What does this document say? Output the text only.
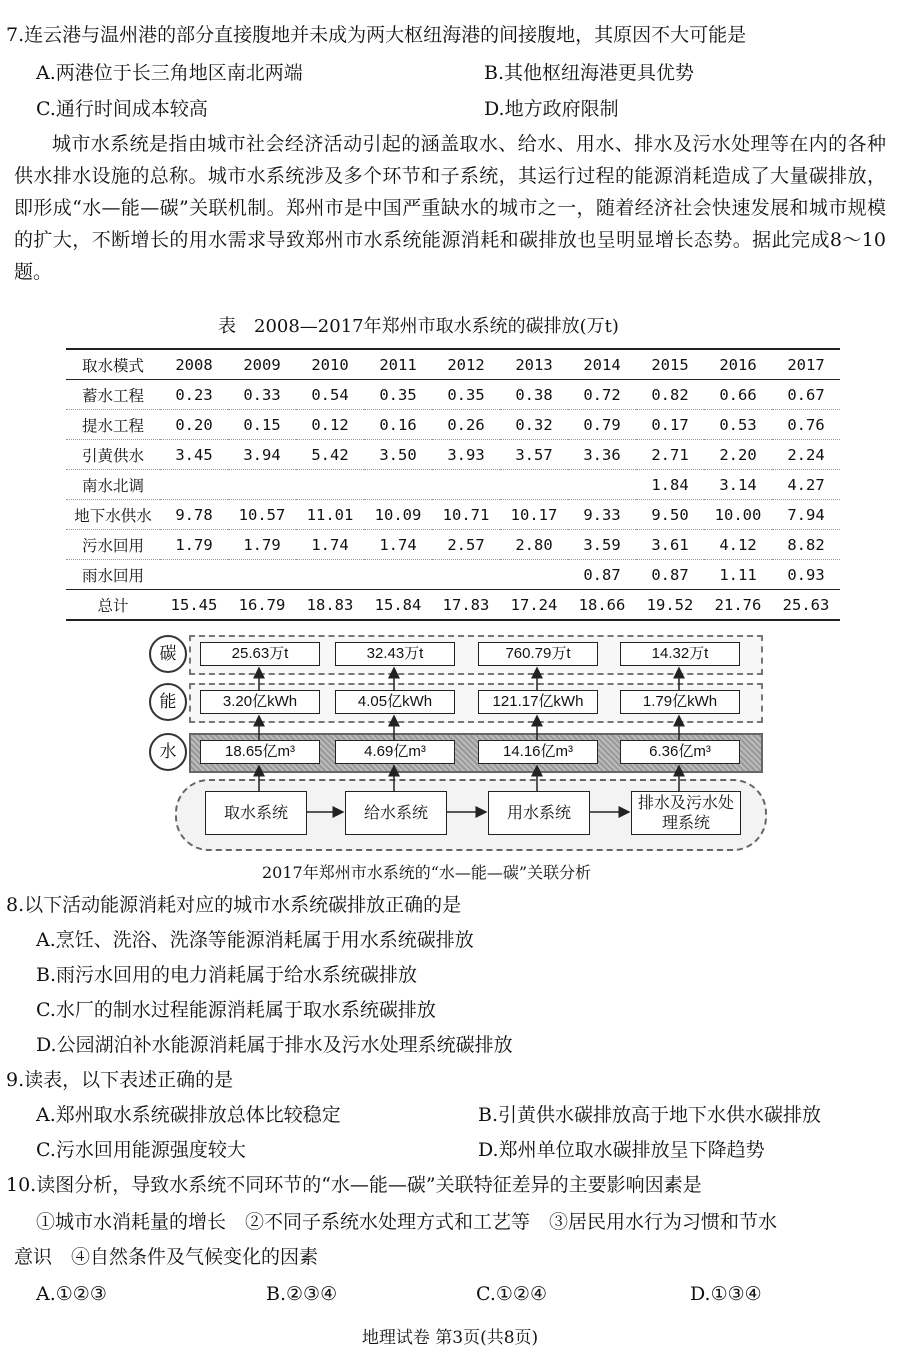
7.连云港与温州港的部分直接腹地并未成为两大枢纽海港的间接腹地，其原因不大可能是
A.两港位于长三角地区南北两端	B.其他枢纽海港更具优势
C.通行时间成本较高	D.地方政府限制
城市水系统是指由城市社会经济活动引起的涵盖取水、给水、用水、排水及污水处理等在内的各种供水排水设施的总称。城市水系统涉及多个环节和子系统，其运行过程的能源消耗造成了大量碳排放，即形成“水—能—碳”关联机制。郑州市是中国严重缺水的城市之一，随着经济社会快速发展和城市规模的扩大，不断增长的用水需求导致郑州市水系统能源消耗和碳排放也呈明显增长态势。据此完成8～10题。
表　2008—2017年郑州市取水系统的碳排放(万t)
取水模式	2008	2009	2010	2011	2012	2013	2014	2015	2016	2017
蓄水工程	0.23	0.33	0.54	0.35	0.35	0.38	0.72	0.82	0.66	0.67
提水工程	0.20	0.15	0.12	0.16	0.26	0.32	0.79	0.17	0.53	0.76
引黄供水	3.45	3.94	5.42	3.50	3.93	3.57	3.36	2.71	2.20	2.24
南水北调								1.84	3.14	4.27
地下水供水	9.78	10.57	11.01	10.09	10.71	10.17	9.33	9.50	10.00	7.94
污水回用	1.79	1.79	1.74	1.74	2.57	2.80	3.59	3.61	4.12	8.82
雨水回用							0.87	0.87	1.11	0.93
总计	15.45	16.79	18.83	15.84	17.83	17.24	18.66	19.52	21.76	25.63
碳	25.63万t	32.43万t	760.79万t	14.32万t
能	3.20亿kWh	4.05亿kWh	121.17亿kWh	1.79亿kWh
水	18.65亿m³	4.69亿m³	14.16亿m³	6.36亿m³
取水系统	给水系统	用水系统
排水及污水处理系统
2017年郑州市水系统的“水—能—碳”关联分析
8.以下活动能源消耗对应的城市水系统碳排放正确的是
A.烹饪、洗浴、洗涤等能源消耗属于用水系统碳排放
B.雨污水回用的电力消耗属于给水系统碳排放
C.水厂的制水过程能源消耗属于取水系统碳排放
D.公园湖泊补水能源消耗属于排水及污水处理系统碳排放
9.读表，以下表述正确的是
A.郑州取水系统碳排放总体比较稳定	B.引黄供水碳排放高于地下水供水碳排放
C.污水回用能源强度较大	D.郑州单位取水碳排放呈下降趋势
10.读图分析，导致水系统不同环节的“水—能—碳”关联特征差异的主要影响因素是
①城市水消耗量的增长　②不同子系统水处理方式和工艺等　③居民用水行为习惯和节水
意识　④自然条件及气候变化的因素
A.①②③	B.②③④	C.①②④	D.①③④
地理试卷 第3页(共8页)
